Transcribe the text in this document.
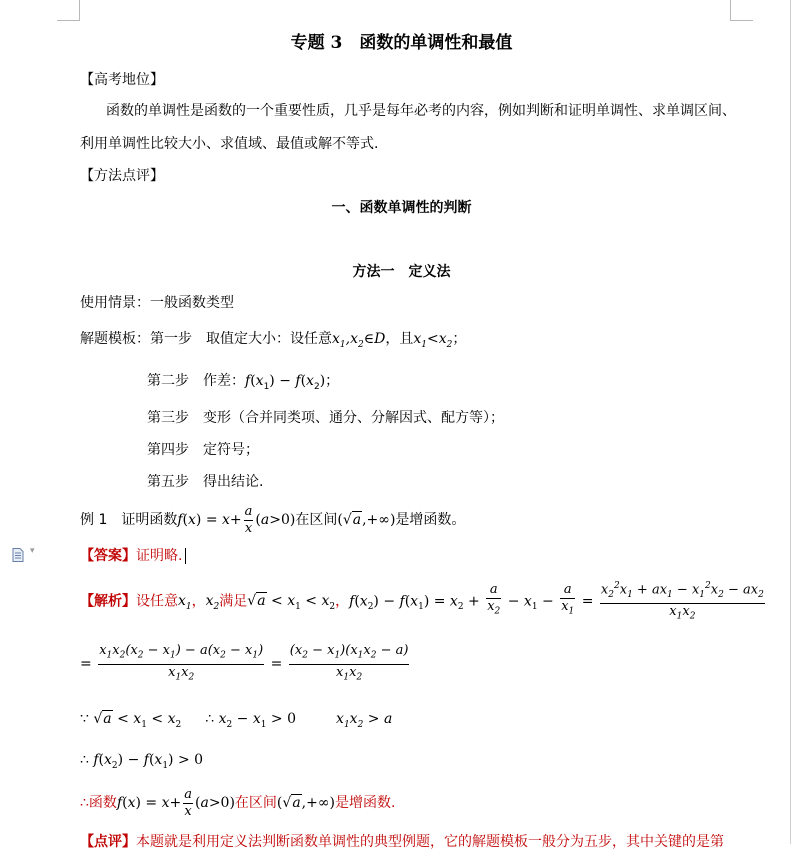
专题 3　函数的单调性和最值
【高考地位】
函数的单调性是函数的一个重要性质，几乎是每年必考的内容，例如判断和证明单调性、求单调区间、
利用单调性比较大小、求值域、最值或解不等式.
【方法点评】
一、函数单调性的判断
方法一　定义法
使用情景：一般函数类型
解题模板：第一步　 取值定大小：设任意$x_1,x_2\in D$，且$x_1<x_2$；
第二步　 作差：$f(x_1) - f(x_2)$；
第三步　 变形（合并同类项、通分、分解因式、配方等）；
第四步　 定符号；
第五步　 得出结论.
例 1　证明函数$f(x) = x+ \frac{a}{x} (a>0)$在区间(√a,+∞)是增函数。
▾	【答案】证明略.
【解析】设任意$x_1$，$x_2$满足$√a < x_1 < x_2$，$f(x_2) - f(x_1) = x_2 + \frac{a}{x_2} - x_1 - \frac{a}{x_1} = \frac{x_2^2x_1 + ax_1 - x_1^2x_2 - ax_2}{x_1x_2}$
= $\frac{x_1x_2(x_2 - x_1) - a(x_2 - x_1)}{x_1x_2} = \frac{(x_2 - x_1)(x_1x_2 - a)}{x_1x_2}$
∵ $√a < x_1 < x_2$ ∴ $x_2 - x_1 > 0$	$x_1x_2 > a$
∴ $f(x_2) - f(x_1) > 0$
∴函数$f(x) = x+ \frac{a}{x} (a>0)$在区间(√a,+∞)是增函数.
【点评】本题就是利用定义法判断函数单调性的典型例题，它的解题模板一般分为五步，其中关键的是第
